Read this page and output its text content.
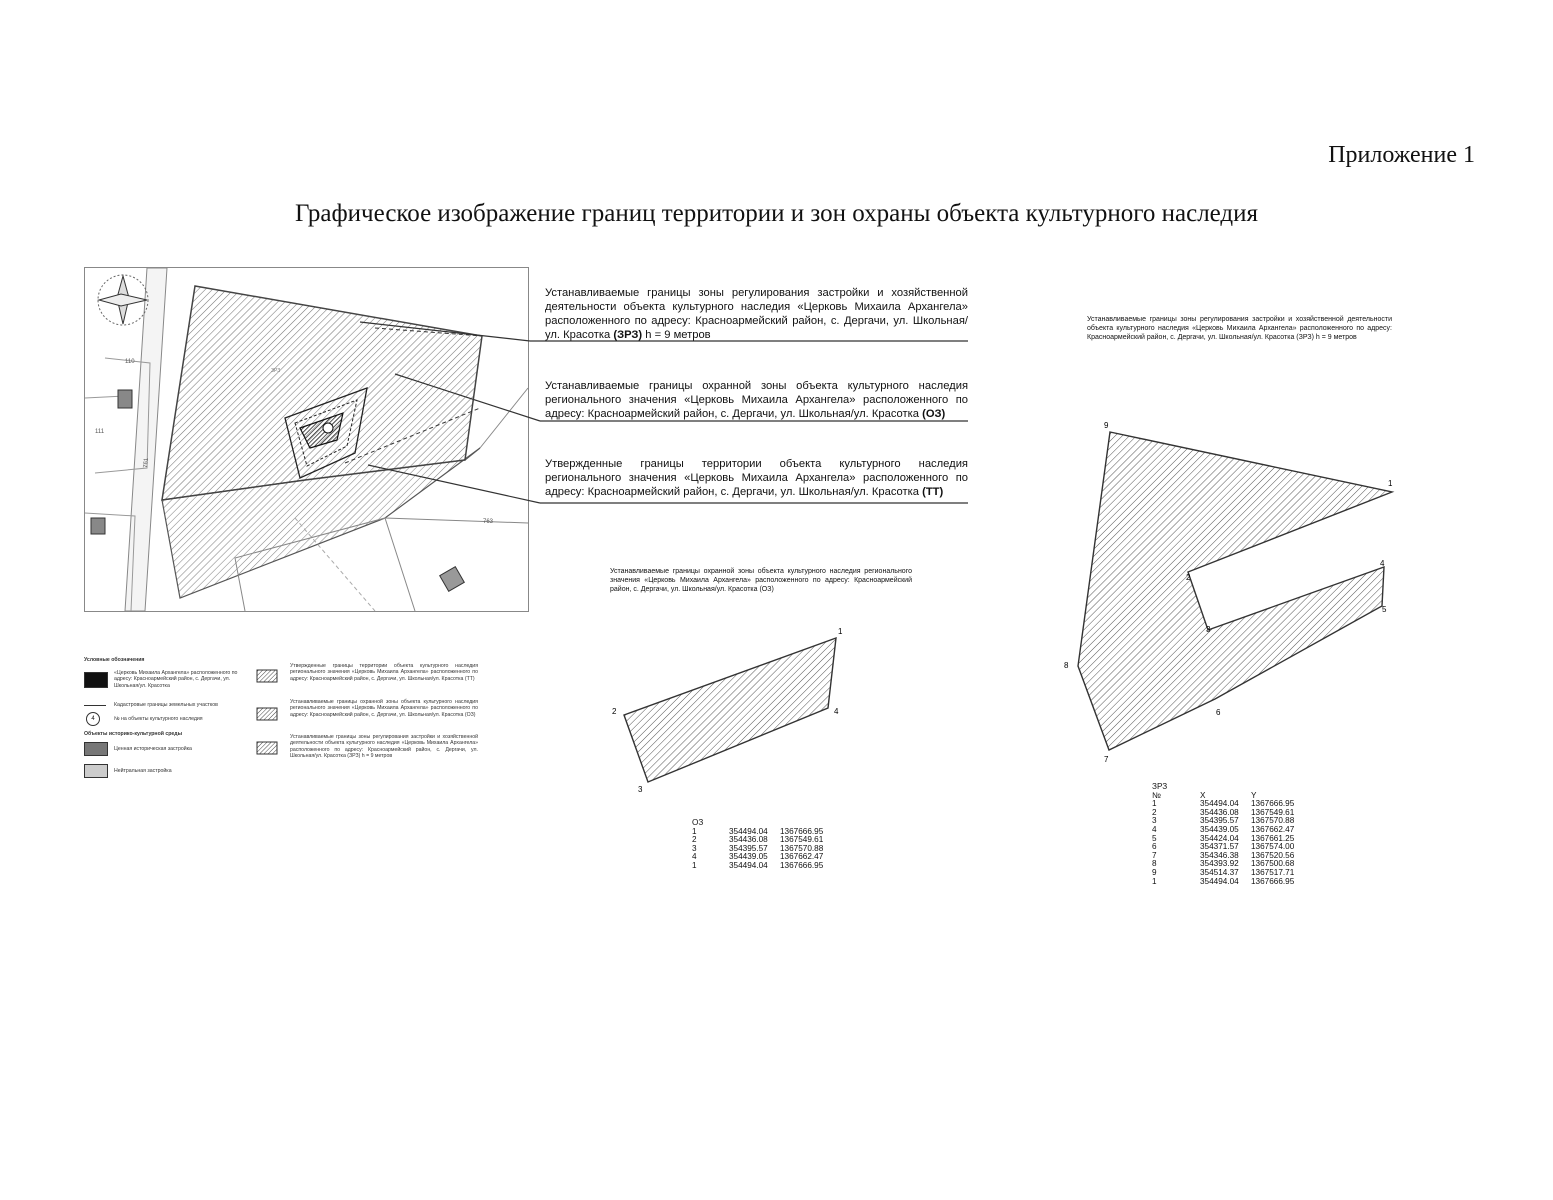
Приложение 1
Графическое изображение границ территории и зон охраны объекта культурного наследия
110
111
763
761
ЗРЗ
Устанавливаемые границы зоны регулирования застройки и хозяйственной деятельности объекта культурного наследия «Церковь Михаила Архангела» расположенного по адресу: Красноармейский район, с. Дергачи, ул. Школьная/ул. Красотка (ЗРЗ) h = 9 метров
Устанавливаемые границы охранной зоны объекта культурного наследия регионального значения «Церковь Михаила Архангела» расположенного по адресу: Красноармейский район, с. Дергачи, ул. Школьная/ул. Красотка (ОЗ)
Утвержденные границы территории объекта культурного наследия регионального значения «Церковь Михаила Архангела» расположенного по адресу: Красноармейский район, с. Дергачи, ул. Школьная/ул. Красотка (ТТ)
Условные обозначения
«Церковь Михаила Архангела» расположенного по адресу: Красноармейский район, с. Дергачи, ул. Школьная/ул. Красотка
Кадастровые границы земельных участков
4	№ на объекты культурного наследия
Объекты историко-культурной среды
Ценная историческая застройка
Нейтральная застройка
Утвержденные границы территории объекта культурного наследия регионального значения «Церковь Михаила Архангела» расположенного по адресу: Красноармейский район, с. Дергачи, ул. Школьная/ул. Красотка (ТТ)
Устанавливаемые границы охранной зоны объекта культурного наследия регионального значения «Церковь Михаила Архангела» расположенного по адресу: Красноармейский район, с. Дергачи, ул. Школьная/ул. Красотка (ОЗ)
Устанавливаемые границы зоны регулирования застройки и хозяйственной деятельности объекта культурного наследия «Церковь Михаила Архангела» расположенного по адресу: Красноармейский район, с. Дергачи, ул. Школьная/ул. Красотка (ЗРЗ) h = 9 метров
Устанавливаемые границы охранной зоны объекта культурного наследия регионального значения «Церковь Михаила Архангела» расположенного по адресу: Красноармейский район, с. Дергачи, ул. Школьная/ул. Красотка (ОЗ)
1
2
3
4
ОЗ		
1	354494.04	1367666.95
2	354436.08	1367549.61
3	354395.57	1367570.88
4	354439.05	1367662.47
1	354494.04	1367666.95
Устанавливаемые границы зоны регулирования застройки и хозяйственной деятельности объекта культурного наследия «Церковь Михаила Архангела» расположенного по адресу: Красноармейский район, с. Дергачи, ул. Школьная/ул. Красотка (ЗРЗ) h = 9 метров
1
2
3
4
5
6
7
8
9
ЗРЗ		
№	X	Y
1	354494.04	1367666.95
2	354436.08	1367549.61
3	354395.57	1367570.88
4	354439.05	1367662.47
5	354424.04	1367661.25
6	354371.57	1367574.00
7	354346.38	1367520.56
8	354393.92	1367500.68
9	354514.37	1367517.71
1	354494.04	1367666.95
